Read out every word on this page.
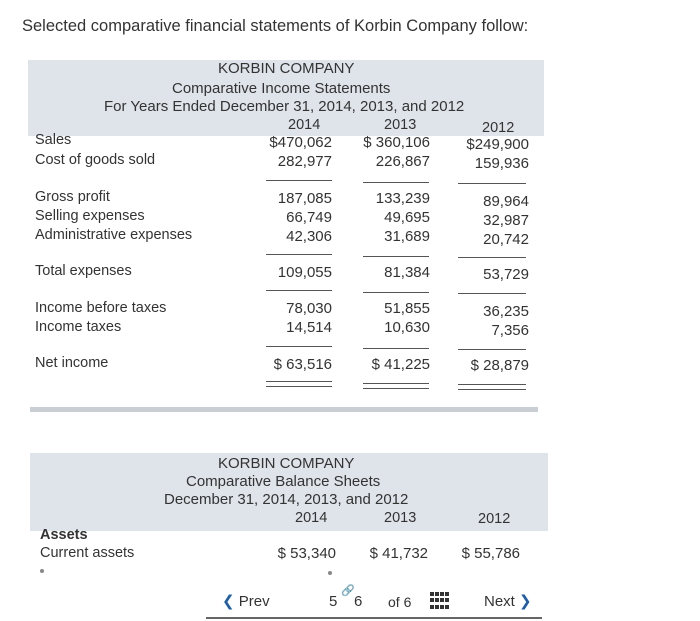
Selected comparative financial statements of Korbin Company follow:
KORBIN COMPANY
Comparative Income Statements
For Years Ended December 31, 2014, 2013, and 2012
2014	2013	2012
Sales	$470,062	$ 360,106	$249,900
Cost of goods sold	282,977	226,867	159,936
Gross profit	187,085	133,239	89,964
Selling expenses	66,749	49,695	32,987
Administrative expenses	42,306	31,689	20,742
Total expenses	109,055	81,384	53,729
Income before taxes	78,030	51,855	36,235
Income taxes	14,514	10,630	7,356
Net income	$ 63,516	$ 41,225	$ 28,879
KORBIN COMPANY
Comparative Balance Sheets
December 31, 2014, 2013, and 2012
2014	2013	2012
Assets
Current assets	$ 53,340	$ 41,732	$ 55,786
❮ Prev
🔗
5 6 of 6	Next ❯
